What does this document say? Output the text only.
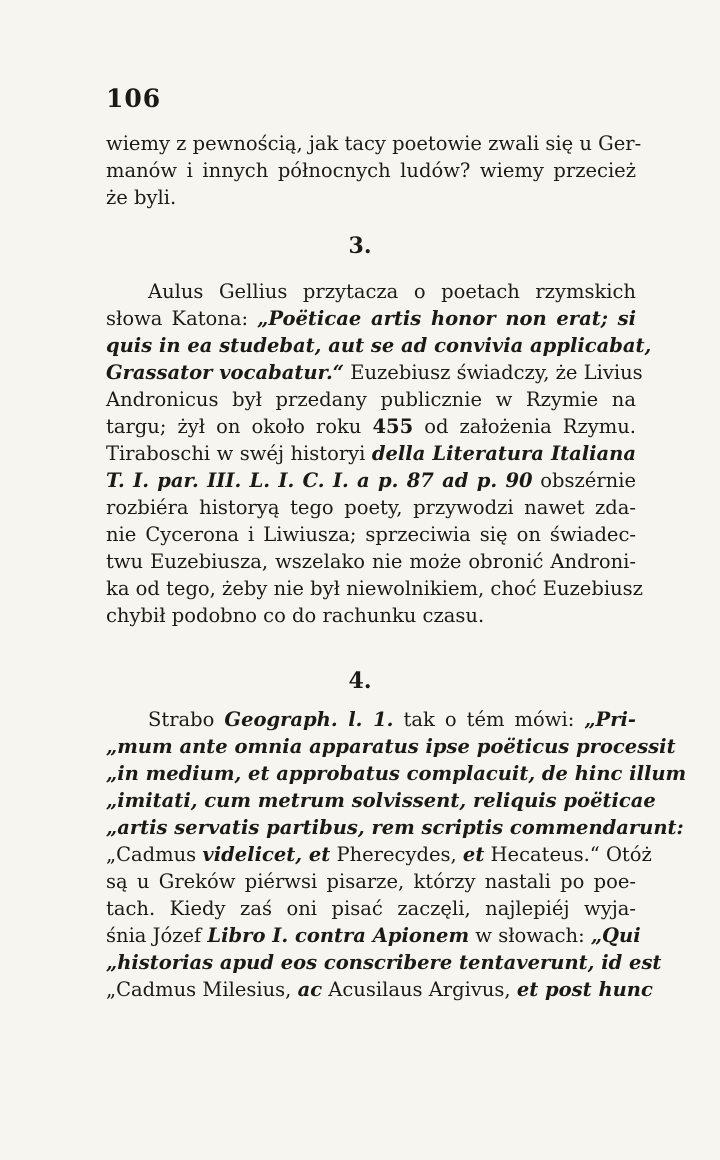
106
wiemy z pewnością, jak tacy poetowie zwali się u Ger-
manów i innych północnych ludów? wiemy przecież
że byli.
3.
Aulus Gellius przytacza o poetach rzymskich
słowa Katona: „Poëticae artis honor non erat; si
quis in ea studebat, aut se ad convivia applicabat,
Grassator vocabatur.“ Euzebiusz świadczy, że Livius
Andronicus był przedany publicznie w Rzymie na
targu; żył on około roku 455 od założenia Rzymu.
Tiraboschi w swéj historyi della Literatura Italiana
T. I. par. III. L. I. C. I. a p. 87 ad p. 90 obszérnie
rozbiéra historyą tego poety, przywodzi nawet zda-
nie Cycerona i Liwiusza; sprzeciwia się on świadec-
twu Euzebiusza, wszelako nie może obronić Androni-
ka od tego, żeby nie był niewolnikiem, choć Euzebiusz
chybił podobno co do rachunku czasu.
4.
Strabo Geograph. l. 1. tak o tém mówi: „Pri-
„mum ante omnia apparatus ipse poëticus processit
„in medium, et approbatus complacuit, de hinc illum
„imitati, cum metrum solvissent, reliquis poëticae
„artis servatis partibus, rem scriptis commendarunt:
„Cadmus videlicet, et Pherecydes, et Hecateus.“ Otóż
są u Greków piérwsi pisarze, którzy nastali po poe-
tach. Kiedy zaś oni pisać zaczęli, najlepiéj wyja-
śnia Józef Libro I. contra Apionem w słowach: „Qui
„historias apud eos conscribere tentaverunt, id est
„Cadmus Milesius, ac Acusilaus Argivus, et post hunc
